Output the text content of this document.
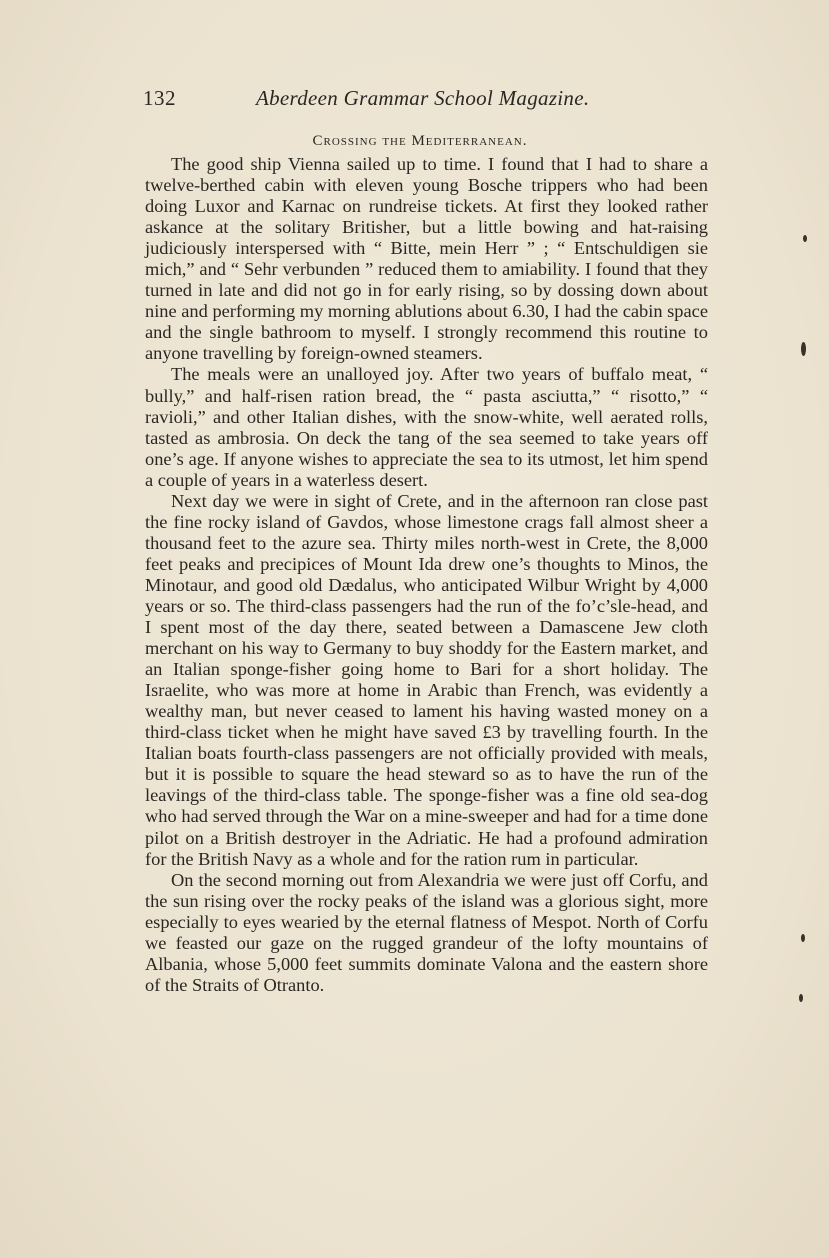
132	Aberdeen Grammar School Magazine.
Crossing the Mediterranean.

The good ship Vienna sailed up to time. I found that I had to share a twelve-berthed cabin with eleven young Bosche trippers who had been doing Luxor and Karnac on rundreise tickets. At first they looked rather askance at the solitary Britisher, but a little bowing and hat-raising judiciously interspersed with “ Bitte, mein Herr ” ; “ Entschuldigen sie mich,” and “ Sehr verbunden ” reduced them to amiability. I found that they turned in late and did not go in for early rising, so by dossing down about nine and performing my morning ablutions about 6.30, I had the cabin space and the single bathroom to myself. I strongly recommend this routine to anyone travelling by foreign-owned steamers.

The meals were an unalloyed joy. After two years of buffalo meat, “ bully,” and half-risen ration bread, the “ pasta asciutta,” “ risotto,” “ ravioli,” and other Italian dishes, with the snow-white, well aerated rolls, tasted as ambrosia. On deck the tang of the sea seemed to take years off one’s age. If anyone wishes to appreciate the sea to its utmost, let him spend a couple of years in a waterless desert.

Next day we were in sight of Crete, and in the afternoon ran close past the fine rocky island of Gavdos, whose limestone crags fall almost sheer a thousand feet to the azure sea. Thirty miles north-west in Crete, the 8,000 feet peaks and precipices of Mount Ida drew one’s thoughts to Minos, the Minotaur, and good old Dædalus, who anticipated Wilbur Wright by 4,000 years or so. The third-class passengers had the run of the fo’c’sle-head, and I spent most of the day there, seated between a Damascene Jew cloth merchant on his way to Germany to buy shoddy for the Eastern market, and an Italian sponge-fisher going home to Bari for a short holiday. The Israelite, who was more at home in Arabic than French, was evidently a wealthy man, but never ceased to lament his having wasted money on a third-class ticket when he might have saved £3 by travelling fourth. In the Italian boats fourth-class passengers are not officially provided with meals, but it is possible to square the head steward so as to have the run of the leavings of the third-class table. The sponge-fisher was a fine old sea-dog who had served through the War on a mine-sweeper and had for a time done pilot on a British destroyer in the Adriatic. He had a profound admiration for the British Navy as a whole and for the ration rum in particular.

On the second morning out from Alexandria we were just off Corfu, and the sun rising over the rocky peaks of the island was a glorious sight, more especially to eyes wearied by the eternal flatness of Mespot. North of Corfu we feasted our gaze on the rugged grandeur of the lofty mountains of Albania, whose 5,000 feet summits dominate Valona and the eastern shore of the Straits of Otranto.
